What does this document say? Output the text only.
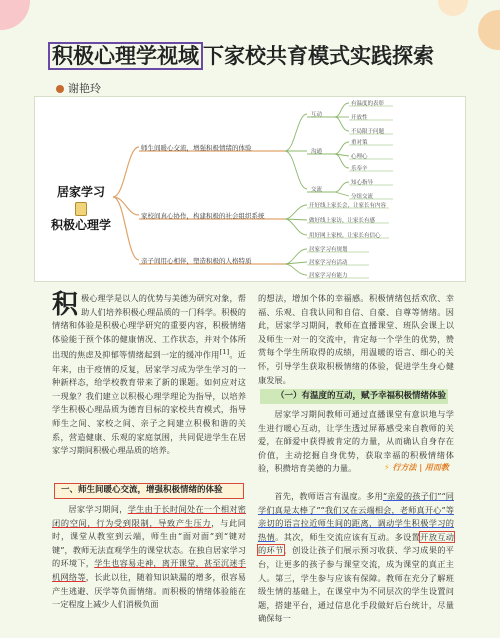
积极心理学视域 下家校共育模式实践探索
谢艳玲
居家学习
积极心理学
师生间暖心交流，增强积极情绪的体验
家校间真心协作，构建积极的社会组织系统
亲子间用心相伴，塑造积极的人格特质
互动
沟通
交流
有温度的表彰
开放性
不局限于问题
重对策
心理心
乐奉辛
知心指导
分组交流
开好线上家长会，让家长有内容
做好线上家访，让家长有感
用好网上家校，让家长有信心
居家学习有规划
居家学习有活动
居家学习有能力

积极心理学是以人的优势与美德为研究对象，帮助人们培养积极心理品质的一门科学。积极的情绪和体验是积极心理学研究的重要内容，积极情绪体验能于预个体的健康情况、工作状态，并对个体所出现的焦虑及抑郁等情绪起到一定的缓冲作用[1]。近年来，由于疫情的反复，居家学习成为学生学习的一种新样态，给学校教育带来了新的课题。如何应对这一现象？我们建立以积极心理学理论为指导，以培养学生积极心理品质为德育目标的家校共育模式，指导师生之间、家校之间、亲子之间建立积极和谐的关系，营造健康、乐观的家庭氛围，共同促进学生在居家学习期间积极心理品质的培养。

一、师生间暖心交流，增强积极情绪的体验

居家学习期间，学生由于长时间处在一个相对密闭的空间，行为受到限制，导致产生压力，与此同时，课堂从教室到云端，师生由“面对面”到“键对键”，教师无法直观学生的课堂状态。在独自居家学习的环境下，学生也容易走神，离开课堂，甚至沉迷手机网络等，长此以往，随着知识缺漏的增多，很容易产生逃避、厌学等负面情绪。而积极的情绪体验能在一定程度上减少人们消极负面

的想法，增加个体的幸福感。积极情绪包括欢欣、幸福、乐观、自我认同和自信、自豪、自尊等情绪。因此，居家学习期间，教师在直播课堂、班队会课上以及师生一对一的交流中，肯定每一个学生的优势，赞赏每个学生所取得的成绩，用温暖的语言、细心的关怀，引导学生获取积极情绪的体验，促进学生身心健康发展。

（一）有温度的互动，赋予幸福积极情绪体验

居家学习期间教师可通过直播课堂有意识地与学生进行暖心互动，让学生透过屏幕感受来自教师的关爱，在師爱中获得被肯定的力量，从而确认自身存在价值，主动挖掘自身优势，获取幸福的积极情绪体验，积攒培育美德的力量。

首先，教师语言有温度。多用“亲爱的孩子们”“同学们真是太棒了”“我们又在云端相会，老师真开心”等亲切的语言拉近师生间的距离，调动学生积极学习的热情。其次，师生交流应该有互动。多设置开放互动的环节，创设让孩子们展示预习收获、学习成果的平台，让更多的孩子参与课堂交流，成为课堂的真正主人。第三，学生参与应该有保障。教师在充分了解班级生情的基础上，在课堂中为不同层次的学生设置问题，搭建平台，通过信息化手段做好后台统计，尽量确保每一

⚡ 行方法 | 用而教
